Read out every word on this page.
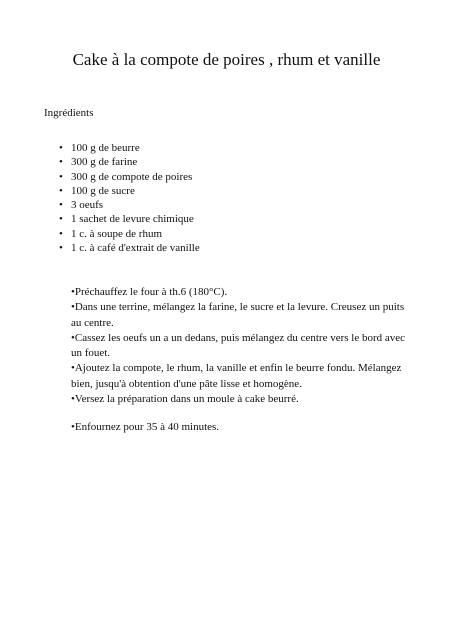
Cake à la compote de poires , rhum et vanille
Ingrédients
• 100 g de beurre
• 300 g de farine
• 300 g de compote de poires
• 100 g de sucre
• 3 oeufs
• 1 sachet de levure chimique
• 1 c. à soupe de rhum
• 1 c. à café d'extrait de vanille

•Préchauffez le four à th.6 (180°C).

•Dans une terrine, mélangez la farine, le sucre et la levure. Creusez un puits au centre.

•Cassez les oeufs un a un dedans, puis mélangez du centre vers le bord avec un fouet.

•Ajoutez la compote, le rhum, la vanille et enfin le beurre fondu. Mélangez bien, jusqu'à obtention d'une pâte lisse et homogène.

•Versez la préparation dans un moule à cake beurré.

•Enfournez pour 35 à 40 minutes.
